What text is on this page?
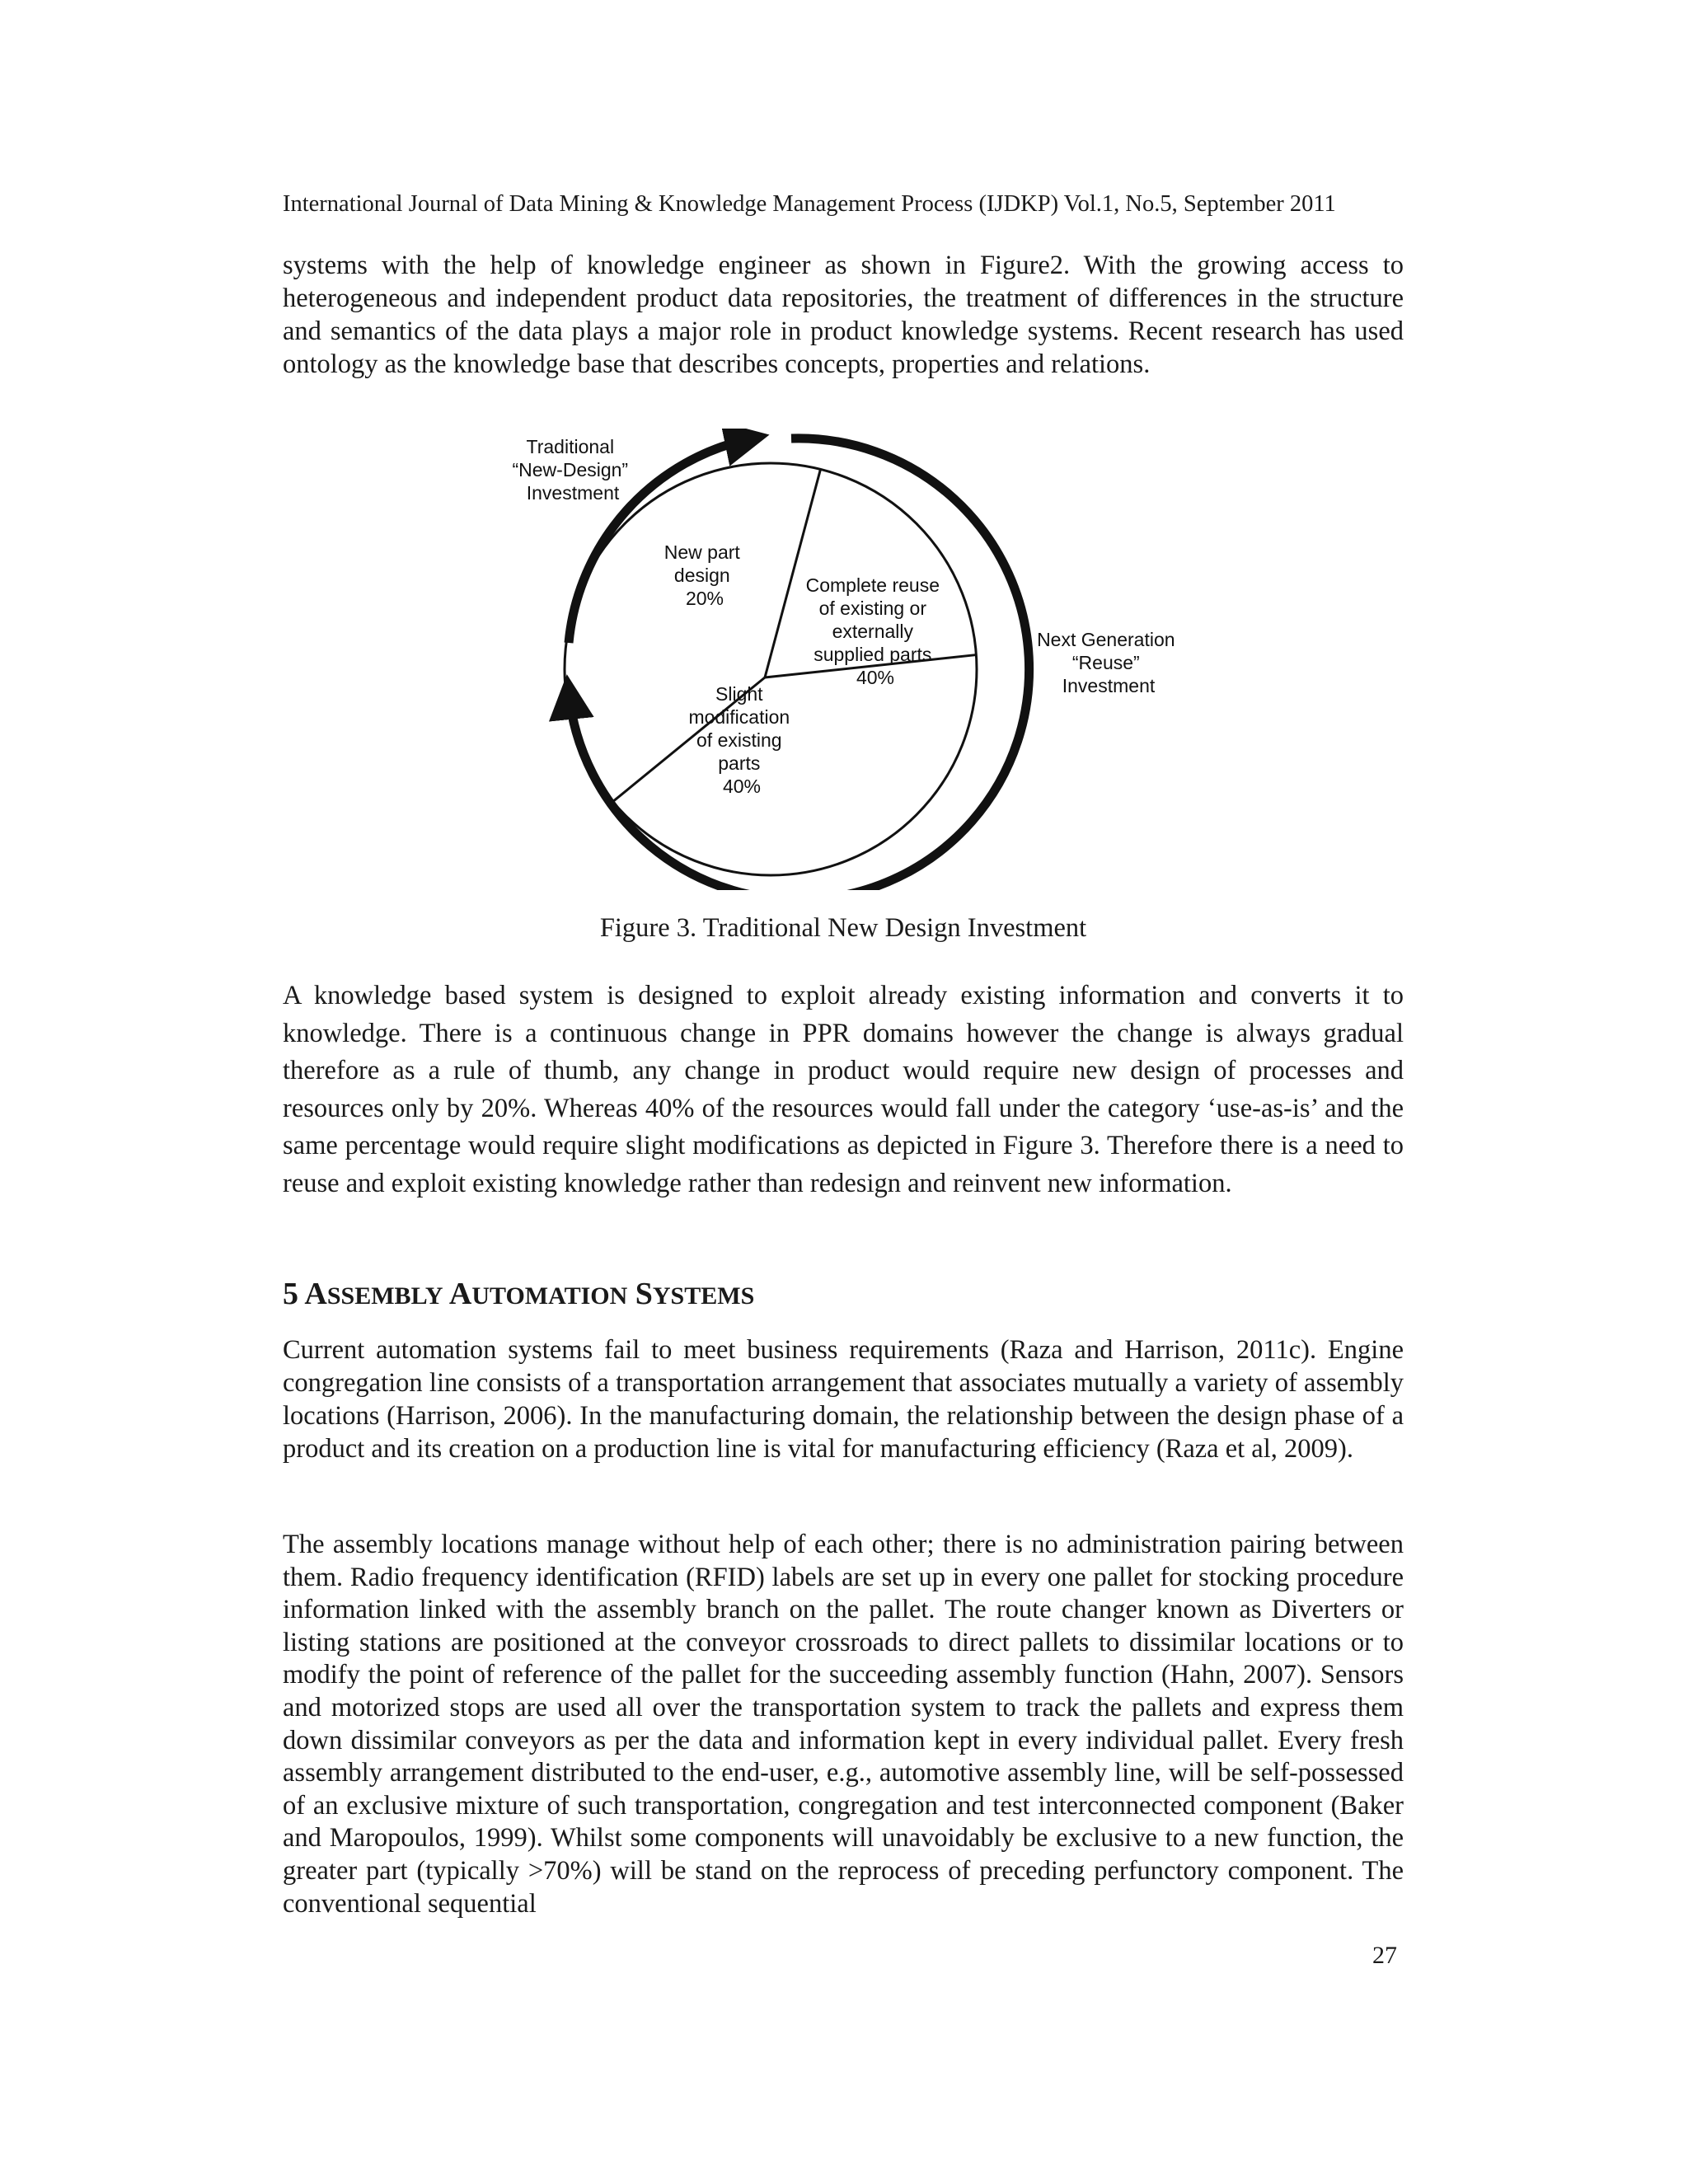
International Journal of Data Mining & Knowledge Management Process (IJDKP) Vol.1, No.5, September 2011

systems with the help of knowledge engineer as shown in Figure2. With the growing access to heterogeneous and independent product data repositories, the treatment of differences in the structure and semantics of the data plays a major role in product knowledge systems. Recent research has used ontology as the knowledge base that describes concepts, properties and relations.

Traditional “New-Design” Investment
Next Generation “Reuse” Investment
New part design 20%
Complete reuse of existing or externally supplied parts 40%
Slight modification of existing parts 40%
Figure 3. Traditional New Design Investment

A knowledge based system is designed to exploit already existing information and converts it to knowledge. There is a continuous change in PPR domains however the change is always gradual therefore as a rule of thumb, any change in product would require new design of processes and resources only by 20%. Whereas 40% of the resources would fall under the category ‘use-as-is’ and the same percentage would require slight modifications as depicted in Figure 3. Therefore there is a need to reuse and exploit existing knowledge rather than redesign and reinvent new information.

5 ASSEMBLY AUTOMATION SYSTEMS

Current automation systems fail to meet business requirements (Raza and Harrison, 2011c). Engine congregation line consists of a transportation arrangement that associates mutually a variety of assembly locations (Harrison, 2006). In the manufacturing domain, the relationship between the design phase of a product and its creation on a production line is vital for manufacturing efficiency (Raza et al, 2009).

The assembly locations manage without help of each other; there is no administration pairing between them. Radio frequency identification (RFID) labels are set up in every one pallet for stocking procedure information linked with the assembly branch on the pallet. The route changer known as Diverters or listing stations are positioned at the conveyor crossroads to direct pallets to dissimilar locations or to modify the point of reference of the pallet for the succeeding assembly function (Hahn, 2007). Sensors and motorized stops are used all over the transportation system to track the pallets and express them down dissimilar conveyors as per the data and information kept in every individual pallet. Every fresh assembly arrangement distributed to the end-user, e.g., automotive assembly line, will be self-possessed of an exclusive mixture of such transportation, congregation and test interconnected component (Baker and Maropoulos, 1999). Whilst some components will unavoidably be exclusive to a new function, the greater part (typically >70%) will be stand on the reprocess of preceding perfunctory component. The conventional sequential

27
